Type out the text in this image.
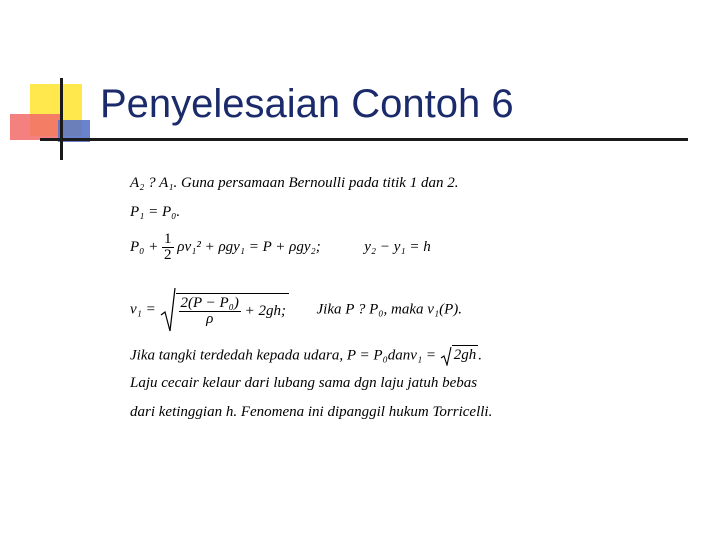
Penyelesaian Contoh 6
A₂ ? A₁. Guna persamaan Bernoulli pada titik 1 dan 2.
P₁ = P₀.
$P_0 + \frac{1}{2} \rho v_1^2 + \rho gy_1 = P + \rho gy_2$;	y₂ − y₁ = h
$v_1 = \frac{\text{2(P − P₀)}}{\rho} + 2gh$; Jika P ? P₀, maka v₁(P).
Jika tangki terdedah kepada udara, P = P₀danv₁ = 2gh .
Laju cecair kelaur dari lubang sama dgn laju jatuh bebas
dari ketinggian h. Fenomena ini dipanggil hukum Torricelli.
